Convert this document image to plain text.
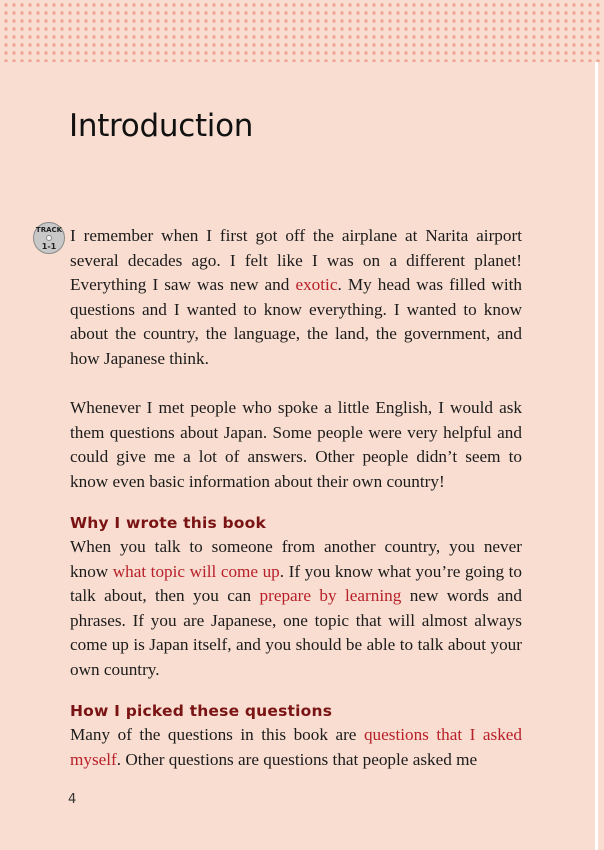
Introduction
TRACK
1-1

I remember when I first got off the airplane at Narita airport several decades ago. I felt like I was on a different planet! Everything I saw was new and exotic. My head was filled with questions and I wanted to know everything. I wanted to know about the country, the language, the land, the government, and how Japanese think.

Whenever I met people who spoke a little English, I would ask them questions about Japan. Some people were very helpful and could give me a lot of answers. Other people didn’t seem to know even basic information about their own country!

Why I wrote this book

When you talk to someone from another country, you never know what topic will come up. If you know what you’re going to talk about, then you can prepare by learning new words and phrases. If you are Japanese, one topic that will almost always come up is Japan itself, and you should be able to talk about your own country.

How I picked these questions

Many of the questions in this book are questions that I asked myself. Other questions are questions that people asked me

4
